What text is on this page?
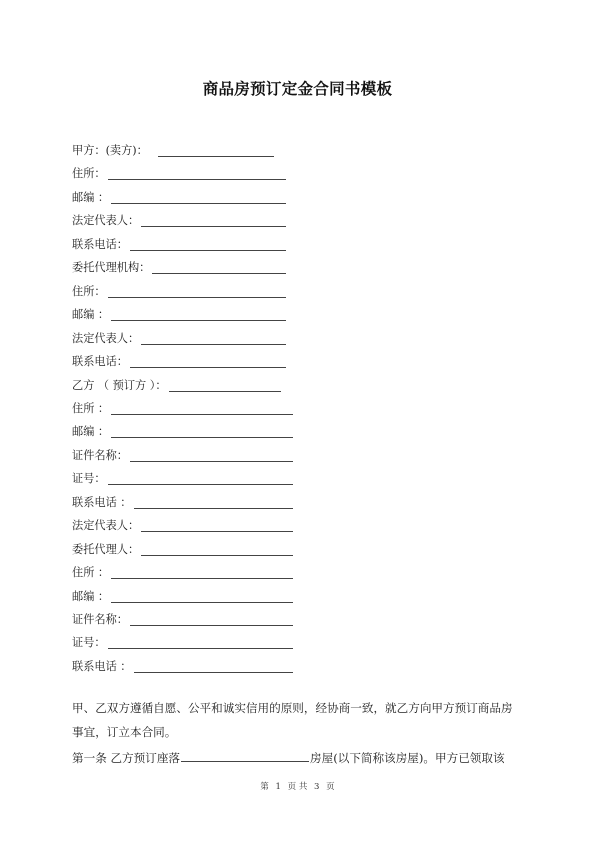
商品房预订定金合同书模板
甲方：(卖方)：
住所：
邮编 ：
法定代表人：
联系电话：
委托代理机构：
住所：
邮编 ：
法定代表人：
联系电话：
乙方 （ 预订方 ）：
住所 ：
邮编 ：
证件名称：
证号：
联系电话 ：
法定代表人：
委托代理人：
住所 ：
邮编 ：
证件名称：
证号：
联系电话 ：
甲、乙双方遵循自愿、公平和诚实信用的原则，经协商一致，就乙方向甲方预订商品房
事宜，订立本合同。
第一条 乙方预订座落	房屋(以下简称该房屋)。甲方已领取该
第 1 页 共 3 页
